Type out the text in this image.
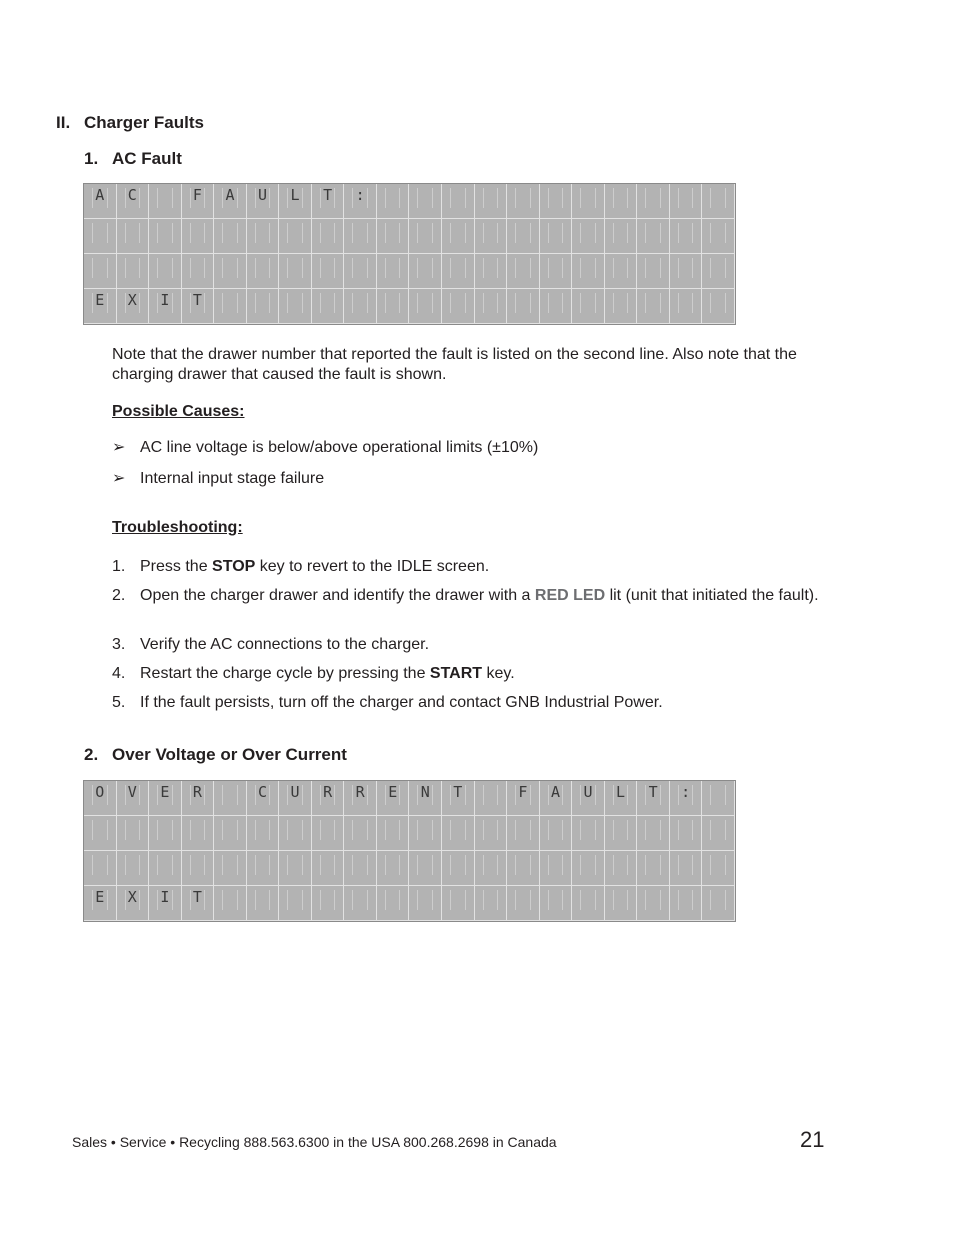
II. Charger Faults
1. AC Fault
A	C	F	A	U	L	T	:
E	X	I	T
Note that the drawer number that reported the fault is listed on the second line. Also note that the charging drawer that caused the fault is shown.
Possible Causes:
➢ AC line voltage is below/above operational limits (±10%)
➢ Internal input stage failure
Troubleshooting:
1. Press the STOP key to revert to the IDLE screen.
2. Open the charger drawer and identify the drawer with a RED LED lit (unit that initiated the fault).
3. Verify the AC connections to the charger.
4. Restart the charge cycle by pressing the START key.
5. If the fault persists, turn off the charger and contact GNB Industrial Power.
2. Over Voltage or Over Current
O	V	E	R	C	U	R	R	E	N	T	F	A	U	L	T	:
E	X	I	T
Sales • Service • Recycling 888.563.6300 in the USA 800.268.2698 in Canada	21
